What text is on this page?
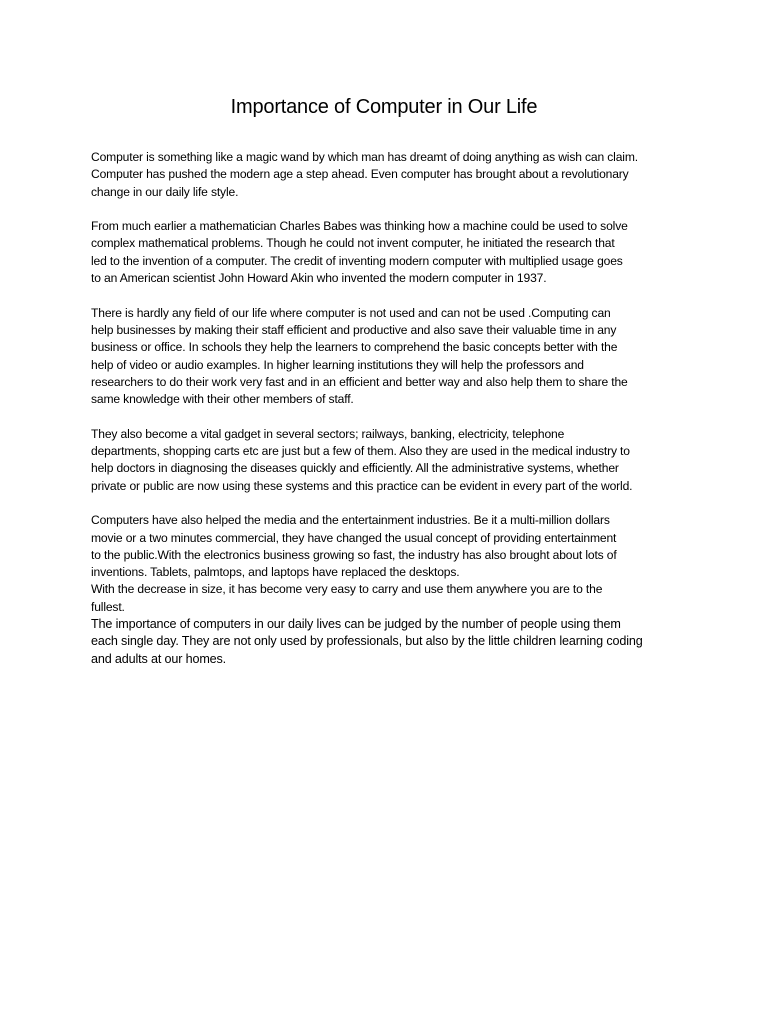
Importance of Computer in Our Life

Computer is something like a magic wand by which man has dreamt of doing anything as wish can claim.
Computer has pushed the modern age a step ahead. Even computer has brought about a revolutionary
change in our daily life style.

From much earlier a mathematician Charles Babes was thinking how a machine could be used to solve
complex mathematical problems. Though he could not invent computer, he initiated the research that
led to the invention of a computer. The credit of inventing modern computer with multiplied usage goes
to an American scientist John Howard Akin who invented the modern computer in 1937.

There is hardly any field of our life where computer is not used and can not be used .Computing can
help businesses by making their staff efficient and productive and also save their valuable time in any
business or office. In schools they help the learners to comprehend the basic concepts better with the
help of video or audio examples. In higher learning institutions they will help the professors and
researchers to do their work very fast and in an efficient and better way and also help them to share the
same knowledge with their other members of staff.

They also become a vital gadget in several sectors; railways, banking, electricity, telephone
departments, shopping carts etc are just but a few of them. Also they are used in the medical industry to
help doctors in diagnosing the diseases quickly and efficiently. All the administrative systems, whether
private or public are now using these systems and this practice can be evident in every part of the world.

Computers have also helped the media and the entertainment industries. Be it a multi-million dollars
movie or a two minutes commercial, they have changed the usual concept of providing entertainment
to the public.With the electronics business growing so fast, the industry has also brought about lots of
inventions. Tablets, palmtops, and laptops have replaced the desktops.
With the decrease in size, it has become very easy to carry and use them anywhere you are to the
fullest.

The importance of computers in our daily lives can be judged by the number of people using them
each single day. They are not only used by professionals, but also by the little children learning coding
and adults at our homes.
